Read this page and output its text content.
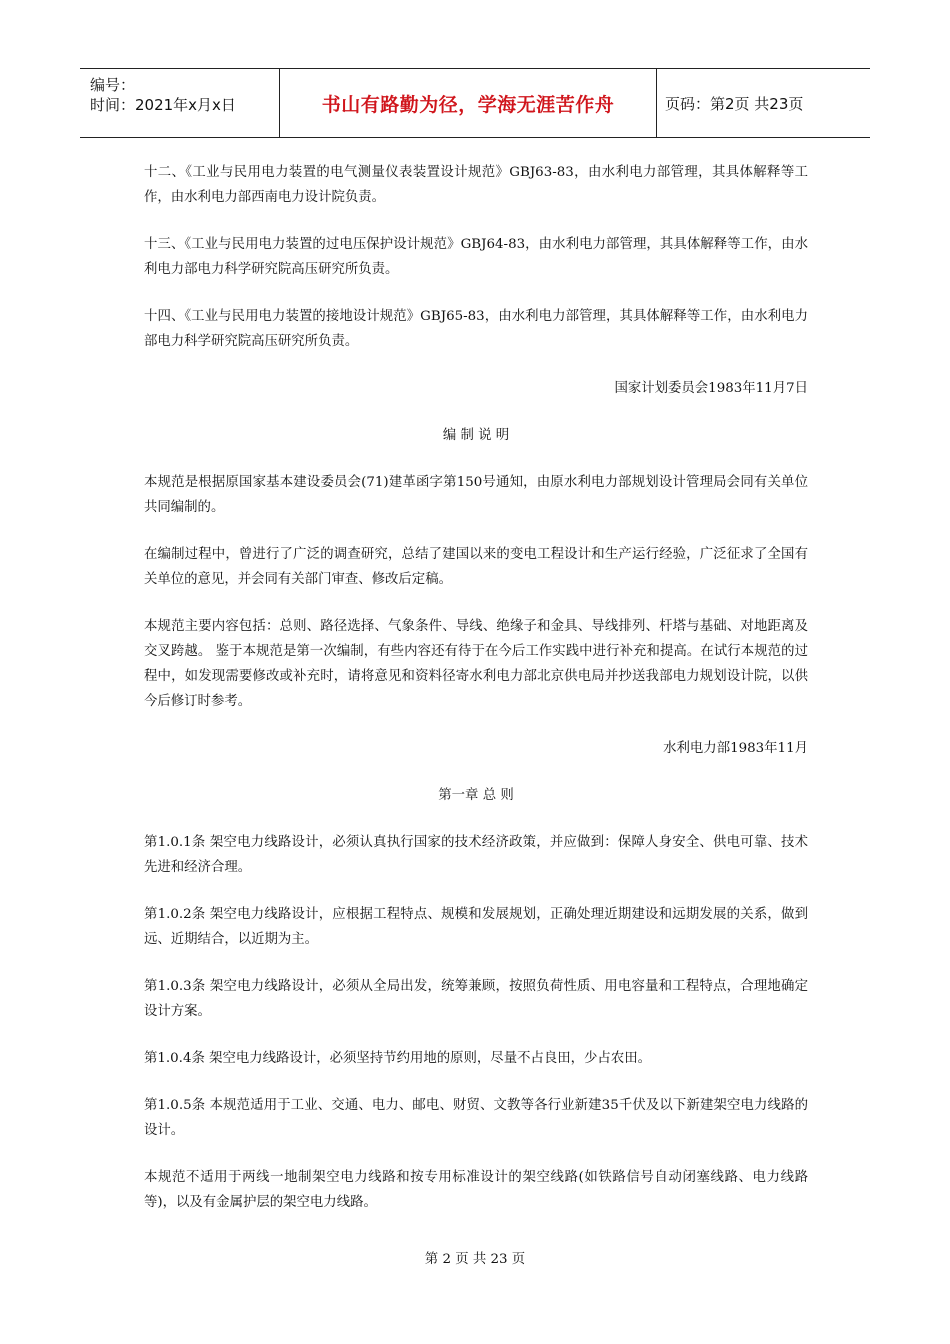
编号：
时间：2021年x月x日	书山有路勤为径，学海无涯苦作舟	页码：第2页 共23页

十二、《工业与民用电力装置的电气测量仪表装置设计规范》GBJ63-83，由水利电力部管理，其具体解释等工作，由水利电力部西南电力设计院负责。

十三、《工业与民用电力装置的过电压保护设计规范》GBJ64-83，由水利电力部管理，其具体解释等工作，由水利电力部电力科学研究院高压研究所负责。

十四、《工业与民用电力装置的接地设计规范》GBJ65-83，由水利电力部管理，其具体解释等工作，由水利电力部电力科学研究院高压研究所负责。

国家计划委员会1983年11月7日

编 制 说 明

本规范是根据原国家基本建设委员会(71)建革函字第150号通知，由原水利电力部规划设计管理局会同有关单位共同编制的。

在编制过程中，曾进行了广泛的调查研究，总结了建国以来的变电工程设计和生产运行经验，广泛征求了全国有关单位的意见，并会同有关部门审查、修改后定稿。

本规范主要内容包括：总则、路径选择、气象条件、导线、绝缘子和金具、导线排列、杆塔与基础、对地距离及交叉跨越。 鉴于本规范是第一次编制，有些内容还有待于在今后工作实践中进行补充和提高。在试行本规范的过程中，如发现需要修改或补充时，请将意见和资料径寄水利电力部北京供电局并抄送我部电力规划设计院，以供今后修订时参考。

水利电力部1983年11月

第一章 总 则

第1.0.1条 架空电力线路设计，必须认真执行国家的技术经济政策，并应做到：保障人身安全、供电可靠、技术先进和经济合理。

第1.0.2条 架空电力线路设计，应根据工程特点、规模和发展规划，正确处理近期建设和远期发展的关系，做到远、近期结合，以近期为主。

第1.0.3条 架空电力线路设计，必须从全局出发，统筹兼顾，按照负荷性质、用电容量和工程特点，合理地确定设计方案。

第1.0.4条 架空电力线路设计，必须坚持节约用地的原则，尽量不占良田，少占农田。

第1.0.5条 本规范适用于工业、交通、电力、邮电、财贸、文教等各行业新建35千伏及以下新建架空电力线路的设计。

本规范不适用于两线一地制架空电力线路和按专用标准设计的架空线路(如铁路信号自动闭塞线路、电力线路等)，以及有金属护层的架空电力线路。

第 2 页 共 23 页
